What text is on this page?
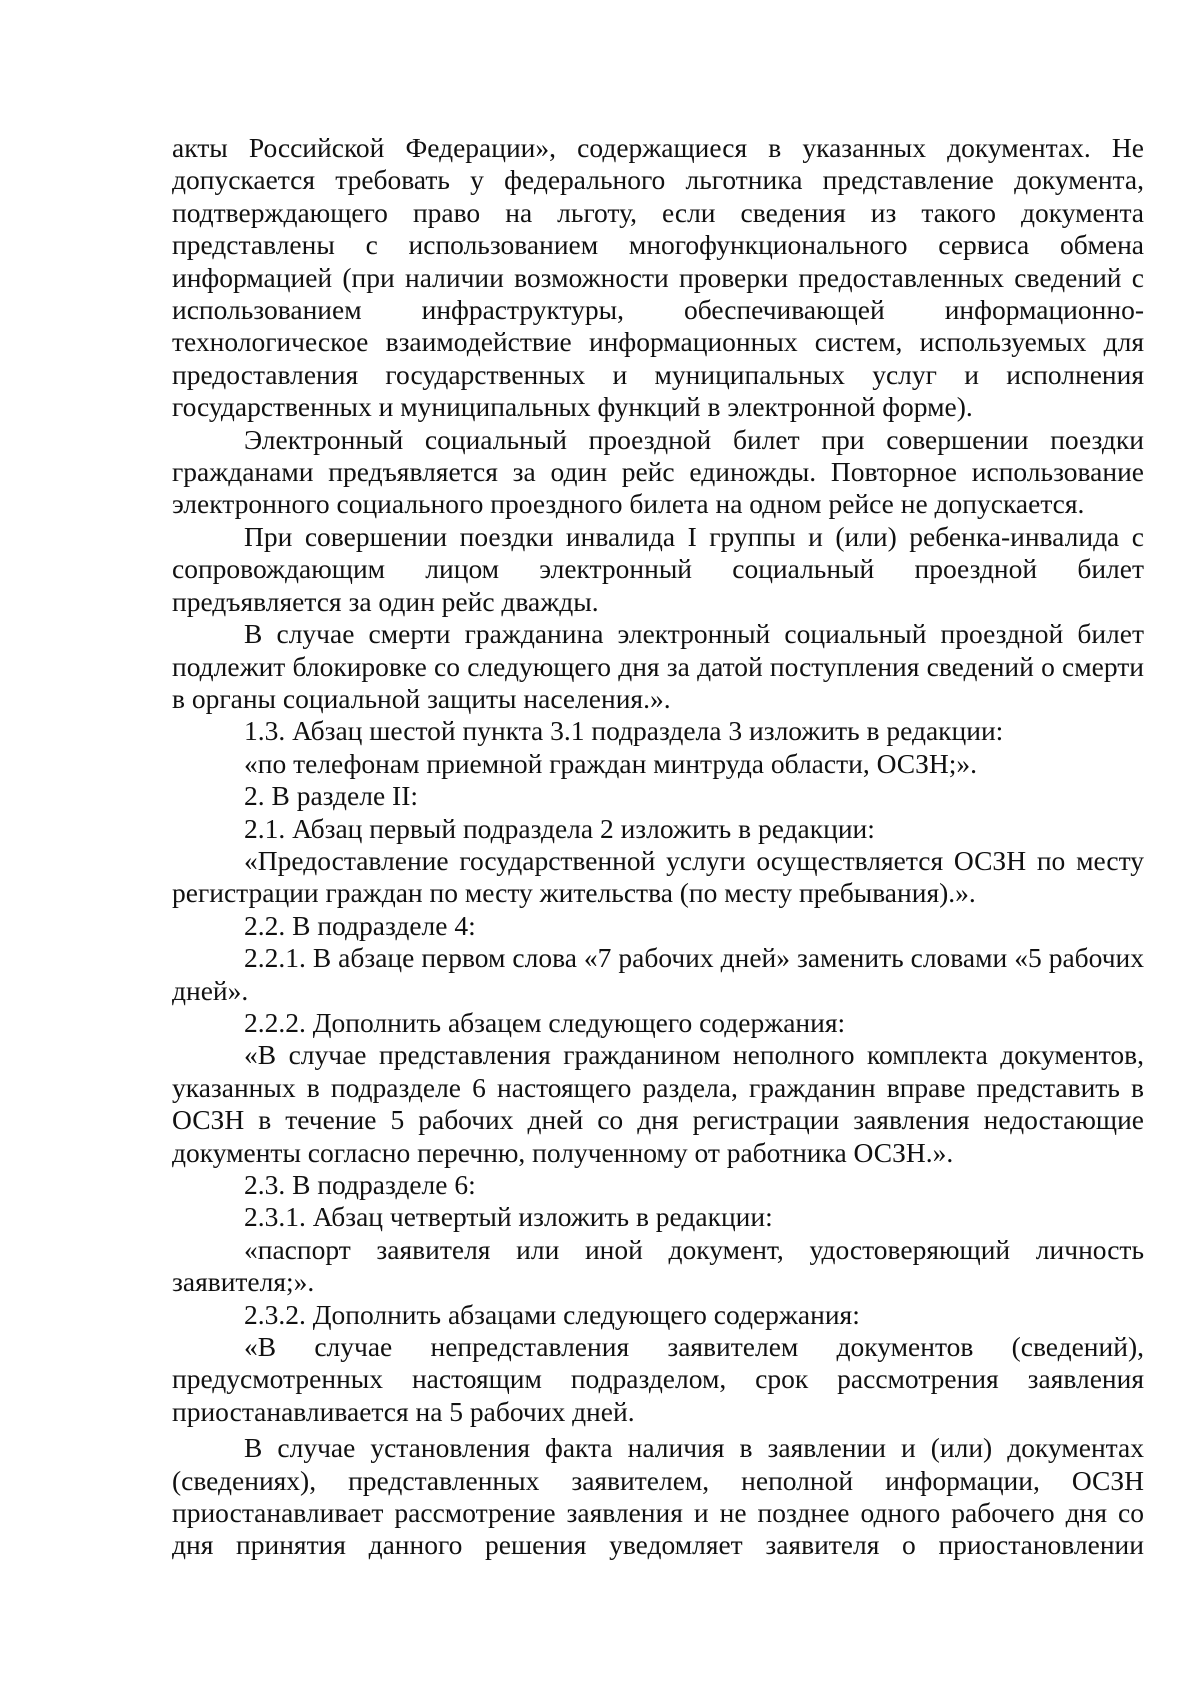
акты Российской Федерации», содержащиеся в указанных документах. Не допускается требовать у федерального льготника представление документа, подтверждающего право на льготу, если сведения из такого документа представлены с использованием многофункционального сервиса обмена информацией (при наличии возможности проверки предоставленных сведений с использованием инфраструктуры, обеспечивающей информационно-технологическое взаимодействие информационных систем, используемых для предоставления государственных и муниципальных услуг и исполнения государственных и муниципальных функций в электронной форме).

Электронный социальный проездной билет при совершении поездки гражданами предъявляется за один рейс единожды. Повторное использование электронного социального проездного билета на одном рейсе не допускается.

При совершении поездки инвалида I группы и (или) ребенка-инвалида с сопровождающим лицом электронный социальный проездной билет предъявляется за один рейс дважды.

В случае смерти гражданина электронный социальный проездной билет подлежит блокировке со следующего дня за датой поступления сведений о смерти в органы социальной защиты населения.».

1.3. Абзац шестой пункта 3.1 подраздела 3 изложить в редакции:

«по телефонам приемной граждан минтруда области, ОСЗН;».

2. В разделе II:

2.1. Абзац первый подраздела 2 изложить в редакции:

«Предоставление государственной услуги осуществляется ОСЗН по месту регистрации граждан по месту жительства (по месту пребывания).».

2.2. В подразделе 4:

2.2.1. В абзаце первом слова «7 рабочих дней» заменить словами «5 рабочих дней».

2.2.2. Дополнить абзацем следующего содержания:

«В случае представления гражданином неполного комплекта документов, указанных в подразделе 6 настоящего раздела, гражданин вправе представить в ОСЗН в течение 5 рабочих дней со дня регистрации заявления недостающие документы согласно перечню, полученному от работника ОСЗН.».

2.3. В подразделе 6:

2.3.1. Абзац четвертый изложить в редакции:

«паспорт заявителя или иной документ, удостоверяющий личность заявителя;».

2.3.2. Дополнить абзацами следующего содержания:

«В случае непредставления заявителем документов (сведений), предусмотренных настоящим подразделом, срок рассмотрения заявления приостанавливается на 5 рабочих дней.

В случае установления факта наличия в заявлении и (или) документах (сведениях), представленных заявителем, неполной информации, ОСЗН приостанавливает рассмотрение заявления и не позднее одного рабочего дня со дня принятия данного решения уведомляет заявителя о приостановлении
